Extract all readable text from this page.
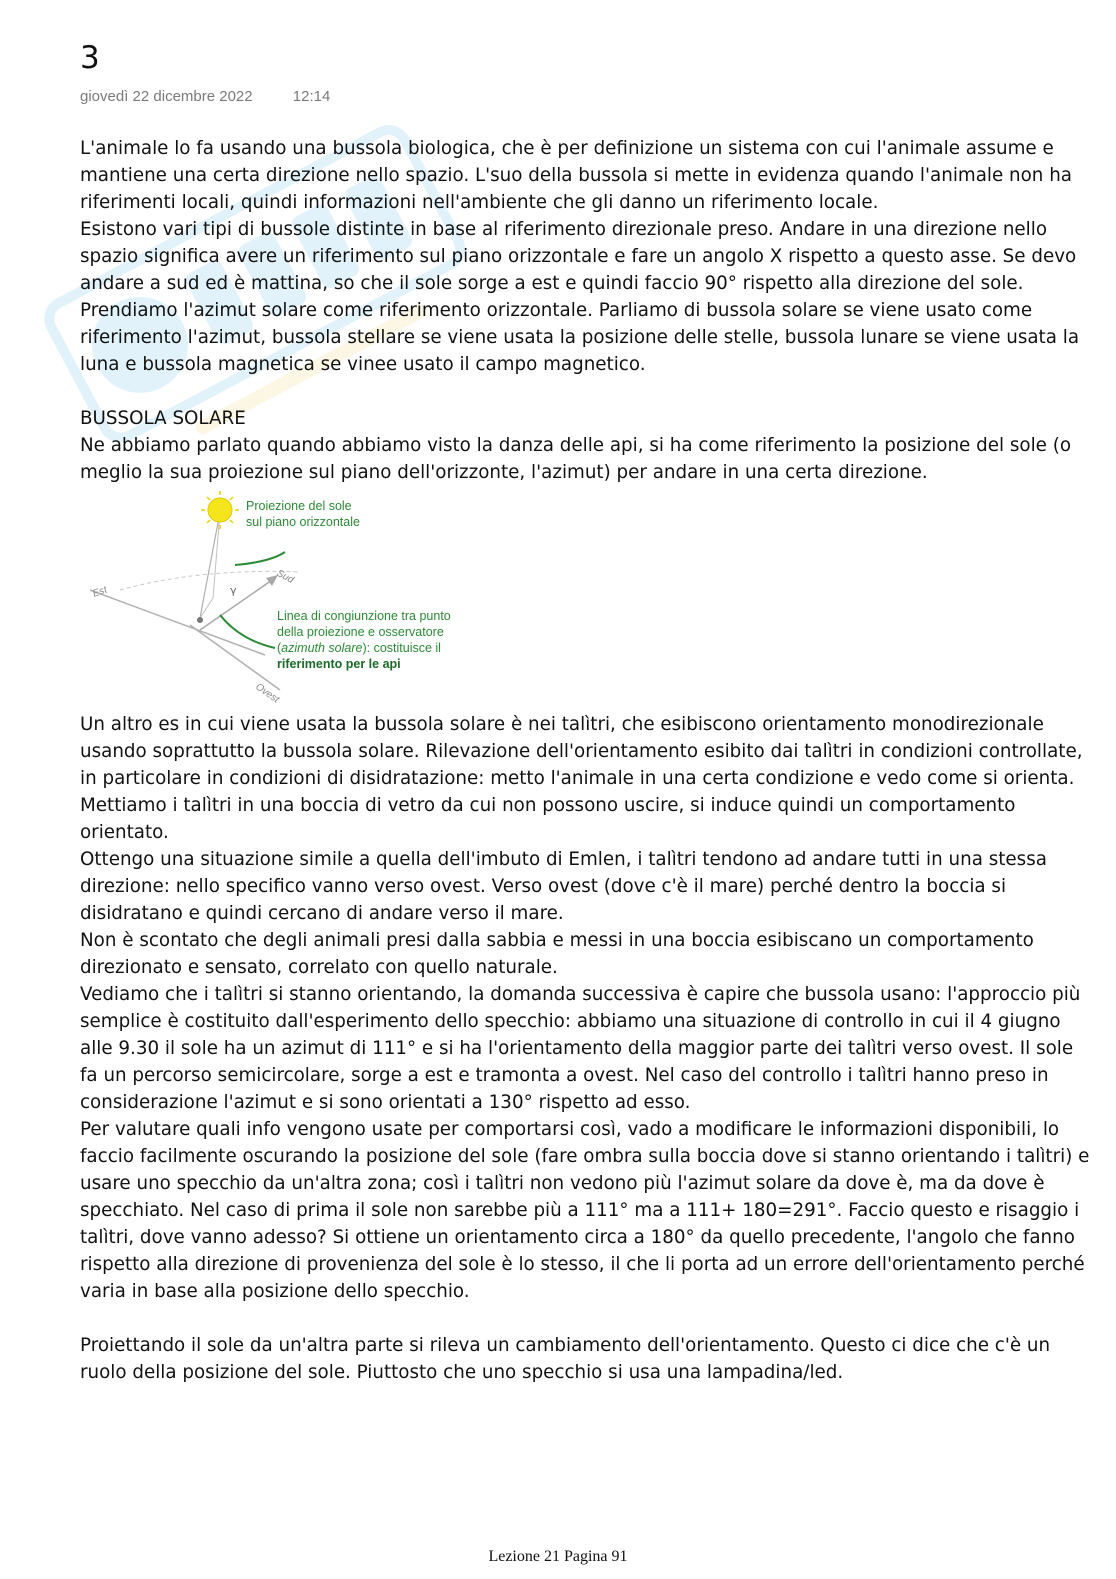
3
giovedì 22 dicembre 2022	12:14

L'animale lo fa usando una bussola biologica, che è per definizione un sistema con cui l'animale assume e mantiene una certa direzione nello spazio. L'suo della bussola si mette in evidenza quando l'animale non ha riferimenti locali, quindi informazioni nell'ambiente che gli danno un riferimento locale.

Esistono vari tipi di bussole distinte in base al riferimento direzionale preso. Andare in una direzione nello spazio significa avere un riferimento sul piano orizzontale e fare un angolo X rispetto a questo asse. Se devo andare a sud ed è mattina, so che il sole sorge a est e quindi faccio 90° rispetto alla direzione del sole. Prendiamo l'azimut solare come riferimento orizzontale. Parliamo di bussola solare se viene usato come riferimento l'azimut, bussola stellare se viene usata la posizione delle stelle, bussola lunare se viene usata la luna e bussola magnetica se vinee usato il campo magnetico.

BUSSOLA SOLARE

Ne abbiamo parlato quando abbiamo visto la danza delle api, si ha come riferimento la posizione del sole (o meglio la sua proiezione sul piano dell'orizzonte, l'azimut) per andare in una certa direzione.

Est
Sud
Ovest
γ
Proiezione del sole
sul piano orizzontale
Linea di congiunzione tra punto
della proiezione e osservatore
(azimuth solare): costituisce il
riferimento per le api

Un altro es in cui viene usata la bussola solare è nei talìtri, che esibiscono orientamento monodirezionale usando soprattutto la bussola solare. Rilevazione dell'orientamento esibito dai talìtri in condizioni controllate, in particolare in condizioni di disidratazione: metto l'animale in una certa condizione e vedo come si orienta. Mettiamo i talìtri in una boccia di vetro da cui non possono uscire, si induce quindi un comportamento orientato.

Ottengo una situazione simile a quella dell'imbuto di Emlen, i talìtri tendono ad andare tutti in una stessa direzione: nello specifico vanno verso ovest. Verso ovest (dove c'è il mare) perché dentro la boccia si disidratano e quindi cercano di andare verso il mare.

Non è scontato che degli animali presi dalla sabbia e messi in una boccia esibiscano un comportamento direzionato e sensato, correlato con quello naturale.

Vediamo che i talìtri si stanno orientando, la domanda successiva è capire che bussola usano: l'approccio più semplice è costituito dall'esperimento dello specchio: abbiamo una situazione di controllo in cui il 4 giugno alle 9.30 il sole ha un azimut di 111° e si ha l'orientamento della maggior parte dei talìtri verso ovest. Il sole fa un percorso semicircolare, sorge a est e tramonta a ovest. Nel caso del controllo i talìtri hanno preso in considerazione l'azimut e si sono orientati a 130° rispetto ad esso.

Per valutare quali info vengono usate per comportarsi così, vado a modificare le informazioni disponibili, lo faccio facilmente oscurando la posizione del sole (fare ombra sulla boccia dove si stanno orientando i talìtri) e usare uno specchio da un'altra zona; così i talìtri non vedono più l'azimut solare da dove è, ma da dove è specchiato. Nel caso di prima il sole non sarebbe più a 111° ma a 111+ 180=291°. Faccio questo e risaggio i talìtri, dove vanno adesso? Si ottiene un orientamento circa a 180° da quello precedente, l'angolo che fanno rispetto alla direzione di provenienza del sole è lo stesso, il che li porta ad un errore dell'orientamento perché varia in base alla posizione dello specchio.

Proiettando il sole da un'altra parte si rileva un cambiamento dell'orientamento. Questo ci dice che c'è un ruolo della posizione del sole. Piuttosto che uno specchio si usa una lampadina/led.

Lezione 21 Pagina 91
